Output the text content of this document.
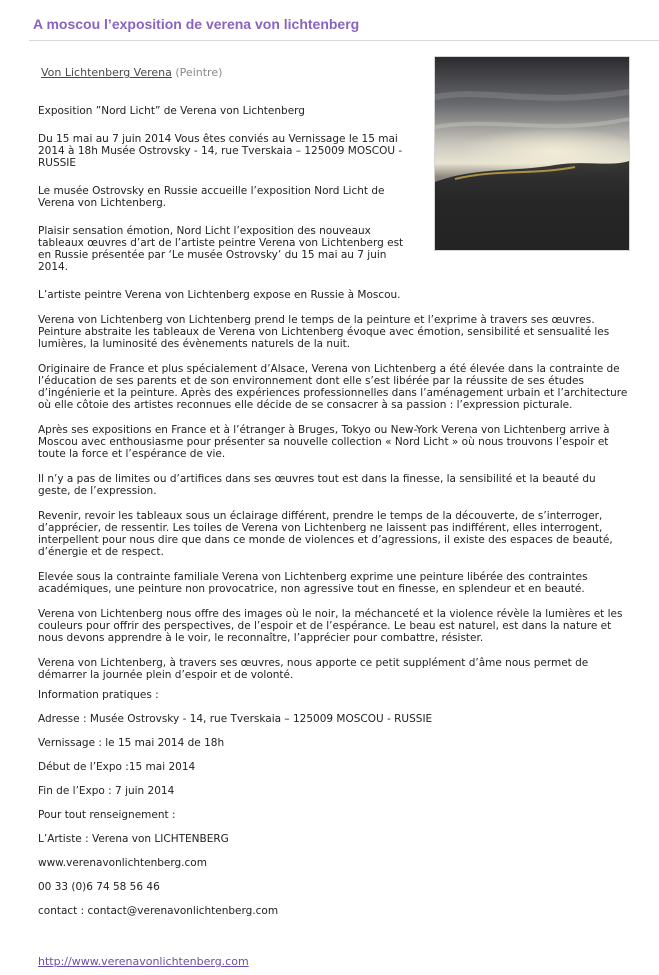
A moscou l’exposition de verena von lichtenberg
Von Lichtenberg Verena (Peintre)

Exposition ”Nord Licht” de Verena von Lichtenberg

Du 15 mai au 7 juin 2014 Vous êtes conviés au Vernissage le 15 mai 2014 à 18h Musée Ostrovsky - 14, rue Tverskaia – 125009 MOSCOU - RUSSIE

Le musée Ostrovsky en Russie accueille l’exposition Nord Licht de Verena von Lichtenberg.

Plaisir sensation émotion, Nord Licht l’exposition des nouveaux tableaux œuvres d’art de l’artiste peintre Verena von Lichtenberg est en Russie présentée par ‘Le musée Ostrovsky’ du 15 mai au 7 juin 2014.

L’artiste peintre Verena von Lichtenberg expose en Russie à Moscou.

Verena von Lichtenberg von Lichtenberg prend le temps de la peinture et l’exprime à travers ses œuvres. Peinture abstraite les tableaux de Verena von Lichtenberg évoque avec émotion, sensibilité et sensualité les lumières, la luminosité des évènements naturels de la nuit.

Originaire de France et plus spécialement d’Alsace, Verena von Lichtenberg a été élevée dans la contrainte de l’éducation de ses parents et de son environnement dont elle s’est libérée par la réussite de ses études d’ingénierie et la peinture. Après des expériences professionnelles dans l’aménagement urbain et l’architecture où elle côtoie des artistes reconnues elle décide de se consacrer à sa passion : l’expression picturale.

Après ses expositions en France et à l’étranger à Bruges, Tokyo ou New-York Verena von Lichtenberg arrive à Moscou avec enthousiasme pour présenter sa nouvelle collection « Nord Licht » où nous trouvons l’espoir et toute la force et l’espérance de vie.

Il n’y a pas de limites ou d’artifices dans ses œuvres tout est dans la finesse, la sensibilité et la beauté du geste, de l’expression.

Revenir, revoir les tableaux sous un éclairage différent, prendre le temps de la découverte, de s’interroger, d’apprécier, de ressentir. Les toiles de Verena von Lichtenberg ne laissent pas indifférent, elles interrogent, interpellent pour nous dire que dans ce monde de violences et d’agressions, il existe des espaces de beauté, d’énergie et de respect.

Elevée sous la contrainte familiale Verena von Lichtenberg exprime une peinture libérée des contraintes académiques, une peinture non provocatrice, non agressive tout en finesse, en splendeur et en beauté.

Verena von Lichtenberg nous offre des images où le noir, la méchanceté et la violence révèle la lumières et les couleurs pour offrir des perspectives, de l’espoir et de l’espérance. Le beau est naturel, est dans la nature et nous devons apprendre à le voir, le reconnaître, l’apprécier pour combattre, résister.

Verena von Lichtenberg, à travers ses œuvres, nous apporte ce petit supplément d’âme nous permet de démarrer la journée plein d’espoir et de volonté.

Information pratiques :

Adresse : Musée Ostrovsky - 14, rue Tverskaia – 125009 MOSCOU - RUSSIE

Vernissage : le 15 mai 2014 de 18h

Début de l’Expo :15 mai 2014

Fin de l’Expo : 7 juin 2014

Pour tout renseignement :

L’Artiste : Verena von LICHTENBERG

www.verenavonlichtenberg.com

00 33 (0)6 74 58 56 46

contact : contact@verenavonlichtenberg.com

http://www.verenavonlichtenberg.com
